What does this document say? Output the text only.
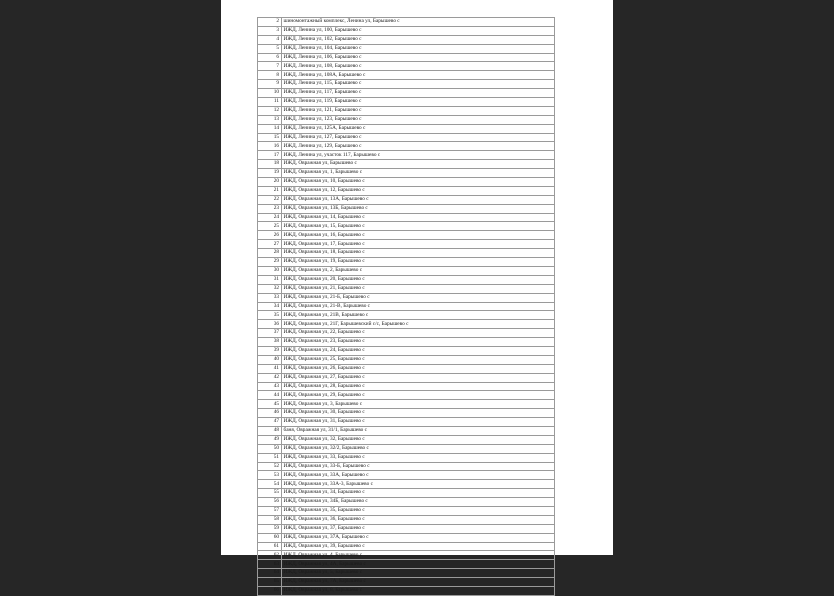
2	шиномонтажный комплекс, Ленина ул, Барышево с
3	ИЖД, Ленина ул, 100, Барышево с
4	ИЖД, Ленина ул, 102, Барышево с
5	ИЖД, Ленина ул, 104, Барышево с
6	ИЖД, Ленина ул, 106, Барышево с
7	ИЖД, Ленина ул, 108, Барышево с
8	ИЖД, Ленина ул, 108А, Барышево с
9	ИЖД, Ленина ул, 115, Барышево с
10	ИЖД, Ленина ул, 117, Барышево с
11	ИЖД, Ленина ул, 119, Барышево с
12	ИЖД, Ленина ул, 121, Барышево с
13	ИЖД, Ленина ул, 123, Барышево с
14	ИЖД, Ленина ул, 125А, Барышево с
15	ИЖД, Ленина ул, 127, Барышево с
16	ИЖД, Ленина ул, 129, Барышево с
17	ИЖД, Ленина ул, участок 117, Барышево с
18	ИЖД, Овражная ул, Барышево с
19	ИЖД, Овражная ул, 1, Барышево с
20	ИЖД, Овражная ул, 10, Барышево с
21	ИЖД, Овражная ул, 12, Барышево с
22	ИЖД, Овражная ул, 13А, Барышево с
23	ИЖД, Овражная ул, 13Б, Барышево с
24	ИЖД, Овражная ул, 14, Барышево с
25	ИЖД, Овражная ул, 15, Барышево с
26	ИЖД, Овражная ул, 16, Барышево с
27	ИЖД, Овражная ул, 17, Барышево с
28	ИЖД, Овражная ул, 18, Барышево с
29	ИЖД, Овражная ул, 19, Барышево с
30	ИЖД, Овражная ул, 2, Барышево с
31	ИЖД, Овражная ул, 20, Барышево с
32	ИЖД, Овражная ул, 21, Барышево с
33	ИЖД, Овражная ул, 21-Б, Барышево с
34	ИЖД, Овражная ул, 21-В, Барышево с
35	ИЖД, Овражная ул, 21В, Барышево с
36	ИЖД, Овражная ул, 21Г, Барышевский с/с, Барышево с
37	ИЖД, Овражная ул, 22, Барышево с
38	ИЖД, Овражная ул, 23, Барышево с
39	ИЖД, Овражная ул, 24, Барышево с
40	ИЖД, Овражная ул, 25, Барышево с
41	ИЖД, Овражная ул, 26, Барышево с
42	ИЖД, Овражная ул, 27, Барышево с
43	ИЖД, Овражная ул, 28, Барышево с
44	ИЖД, Овражная ул, 29, Барышево с
45	ИЖД, Овражная ул, 3, Барышево с
46	ИЖД, Овражная ул, 30, Барышево с
47	ИЖД, Овражная ул, 31, Барышево с
48	баня, Овражная ул, 31/1, Барышево с
49	ИЖД, Овражная ул, 32, Барышево с
50	ИЖД, Овражная ул, 32/2, Барышево с
51	ИЖД, Овражная ул, 33, Барышево с
52	ИЖД, Овражная ул, 33-Б, Барышево с
53	ИЖД, Овражная ул, 33А, Барышево с
54	ИЖД, Овражная ул, 33А-3, Барышево с
55	ИЖД, Овражная ул, 34, Барышево с
56	ИЖД, Овражная ул, 34Б, Барышево с
57	ИЖД, Овражная ул, 35, Барышево с
58	ИЖД, Овражная ул, 36, Барышево с
59	ИЖД, Овражная ул, 37, Барышево с
60	ИЖД, Овражная ул, 37А, Барышево с
61	ИЖД, Овражная ул, 39, Барышево с
62	ИЖД, Овражная ул, 4, Барышево с
63	ИЖД, Овражная ул, 4А, Барышево с
64	ИЖД, Овражная ул, 5, Барышево с
65	ИЖД, Овражная ул, 7А, Барышево с
66	ИЖД, Овражная ул, 8, Барышево с
